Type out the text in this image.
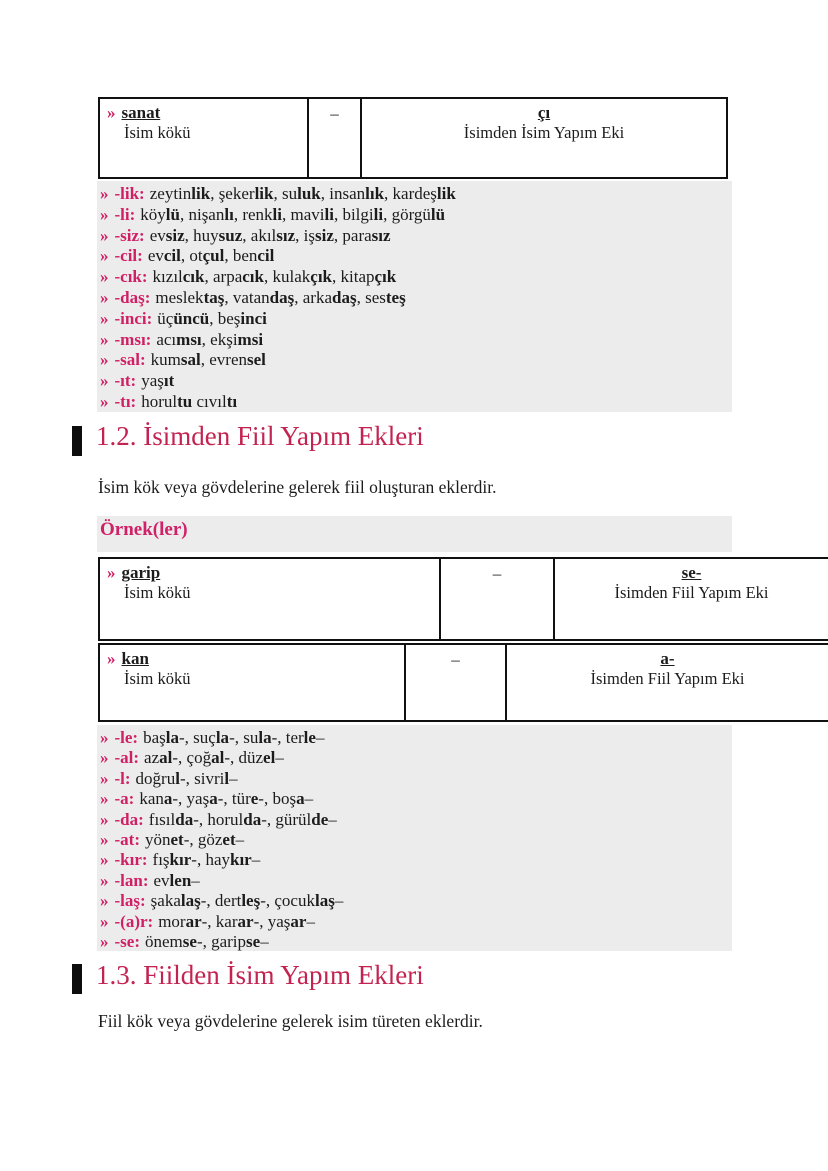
» sanat
İsim kökü
–	çı
İsimden İsim Yapım Eki
» -lik: zeytinlik, şekerlik, suluk, insanlık, kardeşlik
» -li: köylü, nişanlı, renkli, mavili, bilgili, görgülü
» -siz: evsiz, huysuz, akılsız, işsiz, parasız
» -cil: evcil, otçul, bencil
» -cık: kızılcık, arpacık, kulakçık, kitapçık
» -daş: meslektaş, vatandaş, arkadaş, sesteş
» -inci: üçüncü, beşinci
» -msı: acımsı, ekşimsi
» -sal: kumsal, evrensel
» -ıt: yaşıt
» -tı: horultu cıvıltı
1.2. İsimden Fiil Yapım Ekleri
İsim kök veya gövdelerine gelerek fiil oluşturan eklerdir.
Örnek(ler)
» garip
İsim kökü
–	se-
İsimden Fiil Yapım Eki
» kan
İsim kökü
–	a-
İsimden Fiil Yapım Eki
» -le: başla-, suçla-, sula-, terle–
» -al: azal-, çoğal-, düzel–
» -l: doğrul-, sivril–
» -a: kana-, yaşa-, türe-, boşa–
» -da: fısılda-, horulda-, gürülde–
» -at: yönet-, gözet–
» -kır: fışkır-, haykır–
» -lan: evlen–
» -laş: şakalaş-, dertleş-, çocuklaş–
» -(a)r: morar-, karar-, yaşar–
» -se: önemse-, garipse–
1.3. Fiilden İsim Yapım Ekleri
Fiil kök veya gövdelerine gelerek isim türeten eklerdir.
